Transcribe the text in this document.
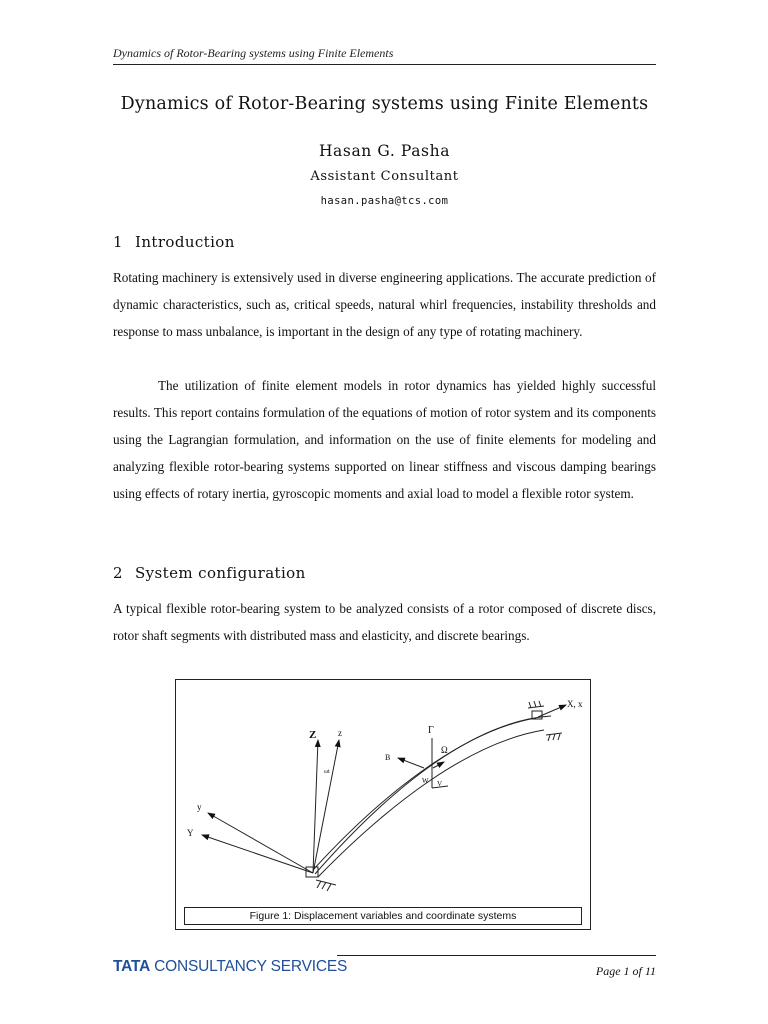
Dynamics of Rotor-Bearing systems using Finite Elements
Dynamics of Rotor-Bearing systems using Finite Elements
Hasan G. Pasha
Assistant Consultant
hasan.pasha@tcs.com
1 Introduction

Rotating machinery is extensively used in diverse engineering applications. The accurate prediction of dynamic characteristics, such as, critical speeds, natural whirl frequencies, instability thresholds and response to mass unbalance, is important in the design of any type of rotating machinery.

The utilization of finite element models in rotor dynamics has yielded highly successful results. This report contains formulation of the equations of motion of rotor system and its components using the Lagrangian formulation, and information on the use of finite elements for modeling and analyzing flexible rotor-bearing systems supported on linear stiffness and viscous damping bearings using effects of rotary inertia, gyroscopic moments and axial load to model a flexible rotor system.

2 System configuration

A typical flexible rotor-bearing system to be analyzed consists of a rotor composed of discrete discs, rotor shaft segments with distributed mass and elasticity, and discrete bearings.

X, x
Z z
y
Y
ωt
Γ
Ω
B
W V
Figure 1: Displacement variables and coordinate systems
TATA CONSULTANCY SERVICES	Page 1 of 11
